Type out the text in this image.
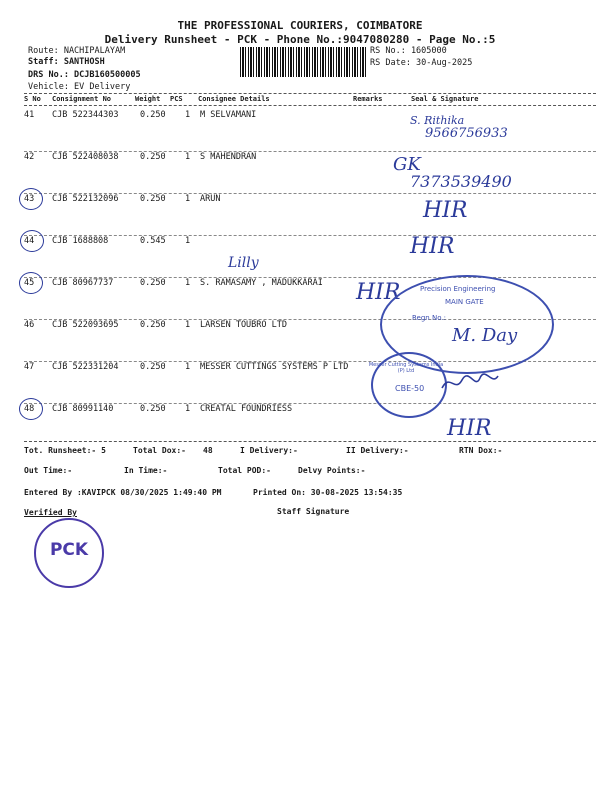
THE PROFESSIONAL COURIERS, COIMBATORE
Delivery Runsheet - PCK - Phone No.:9047080280 - Page No.:5
Route: NACHIPALAYAM
Staff: SANTHOSH
DRS No.: DCJB160500005
Vehicle: EV Delivery
RS No.: 1605000
RS Date: 30-Aug-2025
S No Consignment No	Weight PCS Consignee Details	Remarks	Seal & Signature
41 CJB 522344303	0.250 1 M SELVAMANI
42 CJB 522408038	0.250 1 S MAHENDRAN
43 CJB 522132096	0.250 1 ARUN
44 CJB 1688808	0.545 1
45 CJB 80967737	0.250 1 S. RAMASAMY , MADUKKARAI
46 CJB 522093695	0.250 1 LARSEN TOUBRO LTD
47 CJB 522331204	0.250 1 MESSER CUTTINGS SYSTEMS P LTD
48 CJB 80991140	0.250 1 CREATAL FOUNDRIESS
S. Rithika
9566756933
GK
7373539490
HIR
HIR
Lilly
HIR
M. Day
HIR
Precision Engineering
MAIN GATE
Regn No.:
Messer Cutting Systems India (P) Ltd
CBE-50
Tot. Runsheet:- 5	Total Dox:- 48	I Delivery:-	II Delivery:-	RTN Dox:-
Out Time:-	In Time:-	Total POD:-	Delvy Points:-
Entered By :KAVIPCK 08/30/2025 1:49:40 PM	Printed On: 30-08-2025 13:54:35
Verified By	Staff Signature
PCK
